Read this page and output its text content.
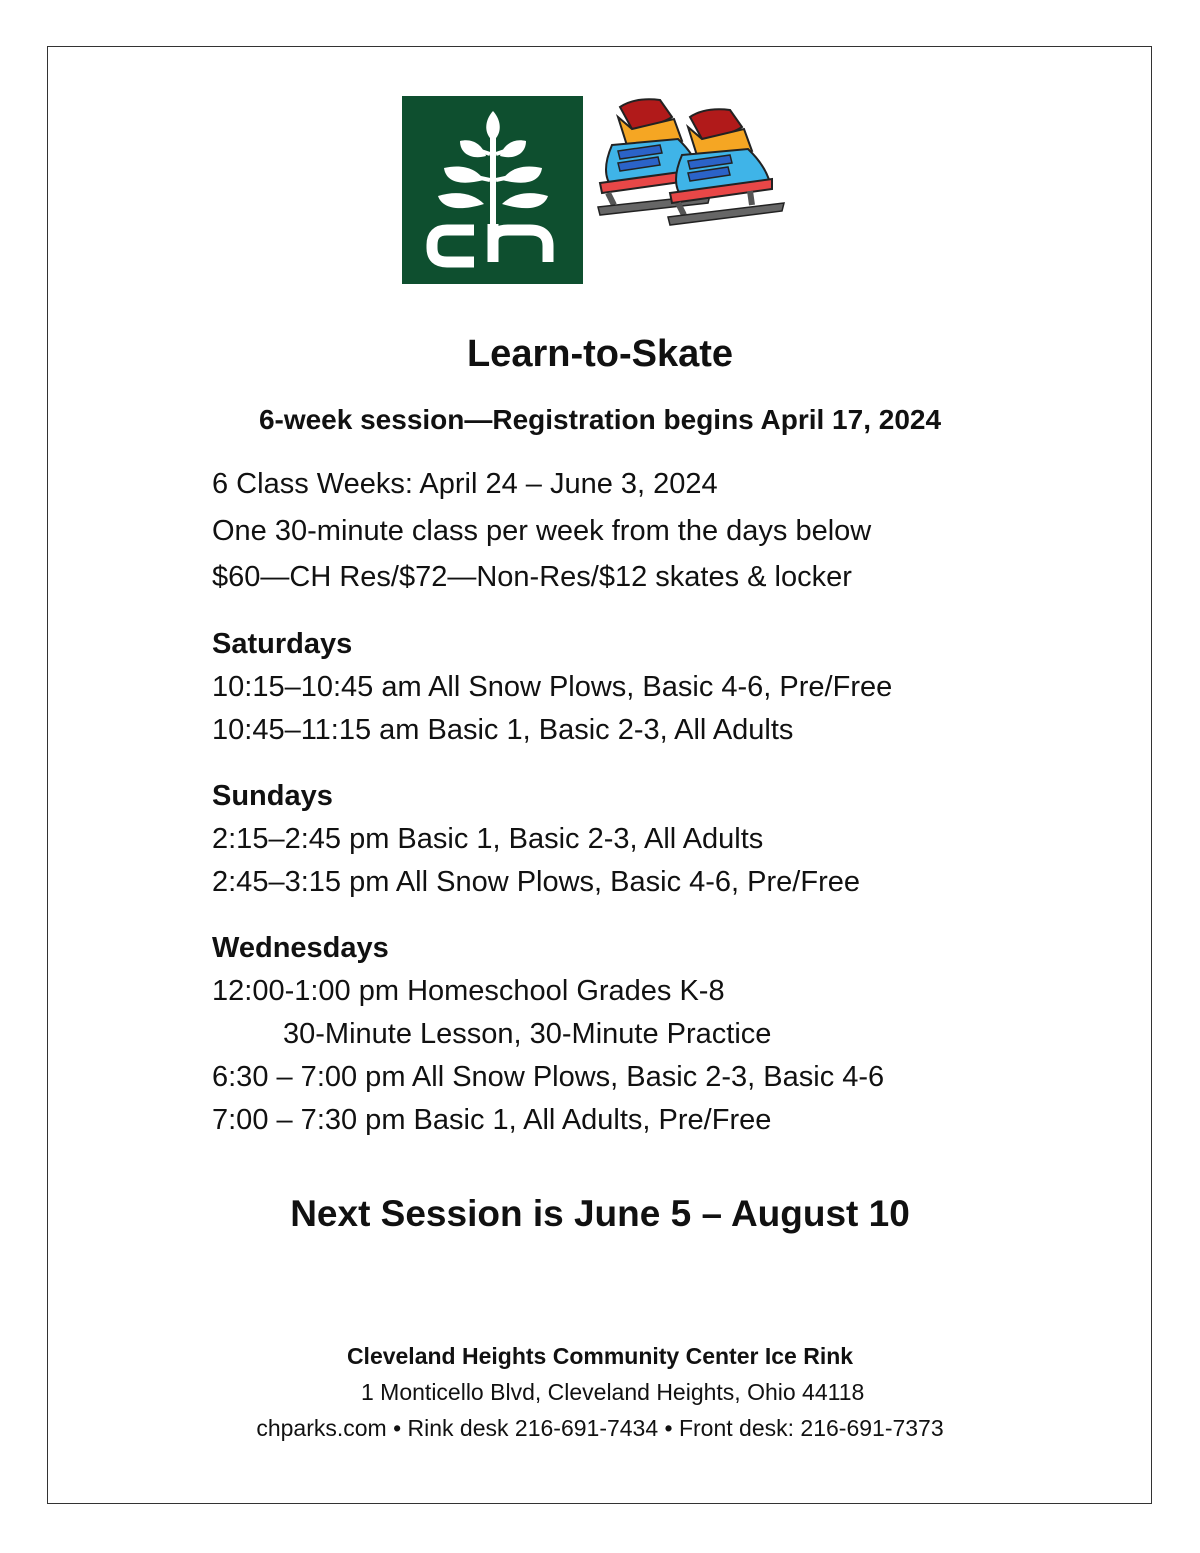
Learn-to-Skate
6-week session—Registration begins April 17, 2024
6 Class Weeks: April 24 – June 3, 2024
One 30-minute class per week from the days below
$60—CH Res/$72—Non-Res/$12 skates & locker
Saturdays
10:15–10:45 am All Snow Plows, Basic 4-6, Pre/Free
10:45–11:15 am Basic 1, Basic 2-3, All Adults
Sundays
2:15–2:45 pm Basic 1, Basic 2-3, All Adults
2:45–3:15 pm All Snow Plows, Basic 4-6, Pre/Free
Wednesdays
12:00-1:00 pm Homeschool Grades K-8
30-Minute Lesson, 30-Minute Practice
6:30 – 7:00 pm All Snow Plows, Basic 2-3, Basic 4-6
7:00 – 7:30 pm Basic 1, All Adults, Pre/Free
Next Session is June 5 – August 10
Cleveland Heights Community Center Ice Rink
1 Monticello Blvd, Cleveland Heights, Ohio 44118
chparks.com • Rink desk 216-691-7434 • Front desk: 216-691-7373
